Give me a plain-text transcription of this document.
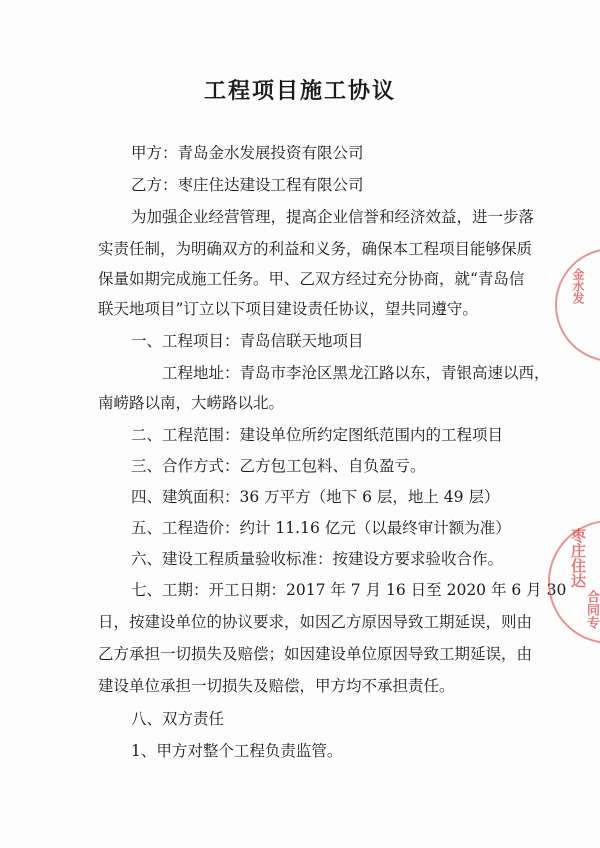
工程项目施工协议
甲方：青岛金水发展投资有限公司
乙方：枣庄住达建设工程有限公司
为加强企业经营管理，提高企业信誉和经济效益，进一步落
实责任制，为明确双方的利益和义务，确保本工程项目能够保质
保量如期完成施工任务。甲、乙双方经过充分协商，就“青岛信
联天地项目”订立以下项目建设责任协议，望共同遵守。
一、工程项目：青岛信联天地项目
工程地址：青岛市李沧区黑龙江路以东，青银高速以西，
南崂路以南，大崂路以北。
二、工程范围：建设单位所约定图纸范围内的工程项目
三、合作方式：乙方包工包料、自负盈亏。
四、建筑面积：36 万平方（地下 6 层，地上 49 层）
五、工程造价：约计 11.16 亿元（以最终审计额为准）
六、建设工程质量验收标准：按建设方要求验收合作。
七、工期：开工日期：2017 年 7 月 16 日至 2020 年 6 月 30
日，按建设单位的协议要求，如因乙方原因导致工期延误，则由
乙方承担一切损失及赔偿；如因建设单位原因导致工期延误，由
建设单位承担一切损失及赔偿，甲方均不承担责任。
八、双方责任
1、甲方对整个工程负责监管。
金水发
枣庄住达
合同专
